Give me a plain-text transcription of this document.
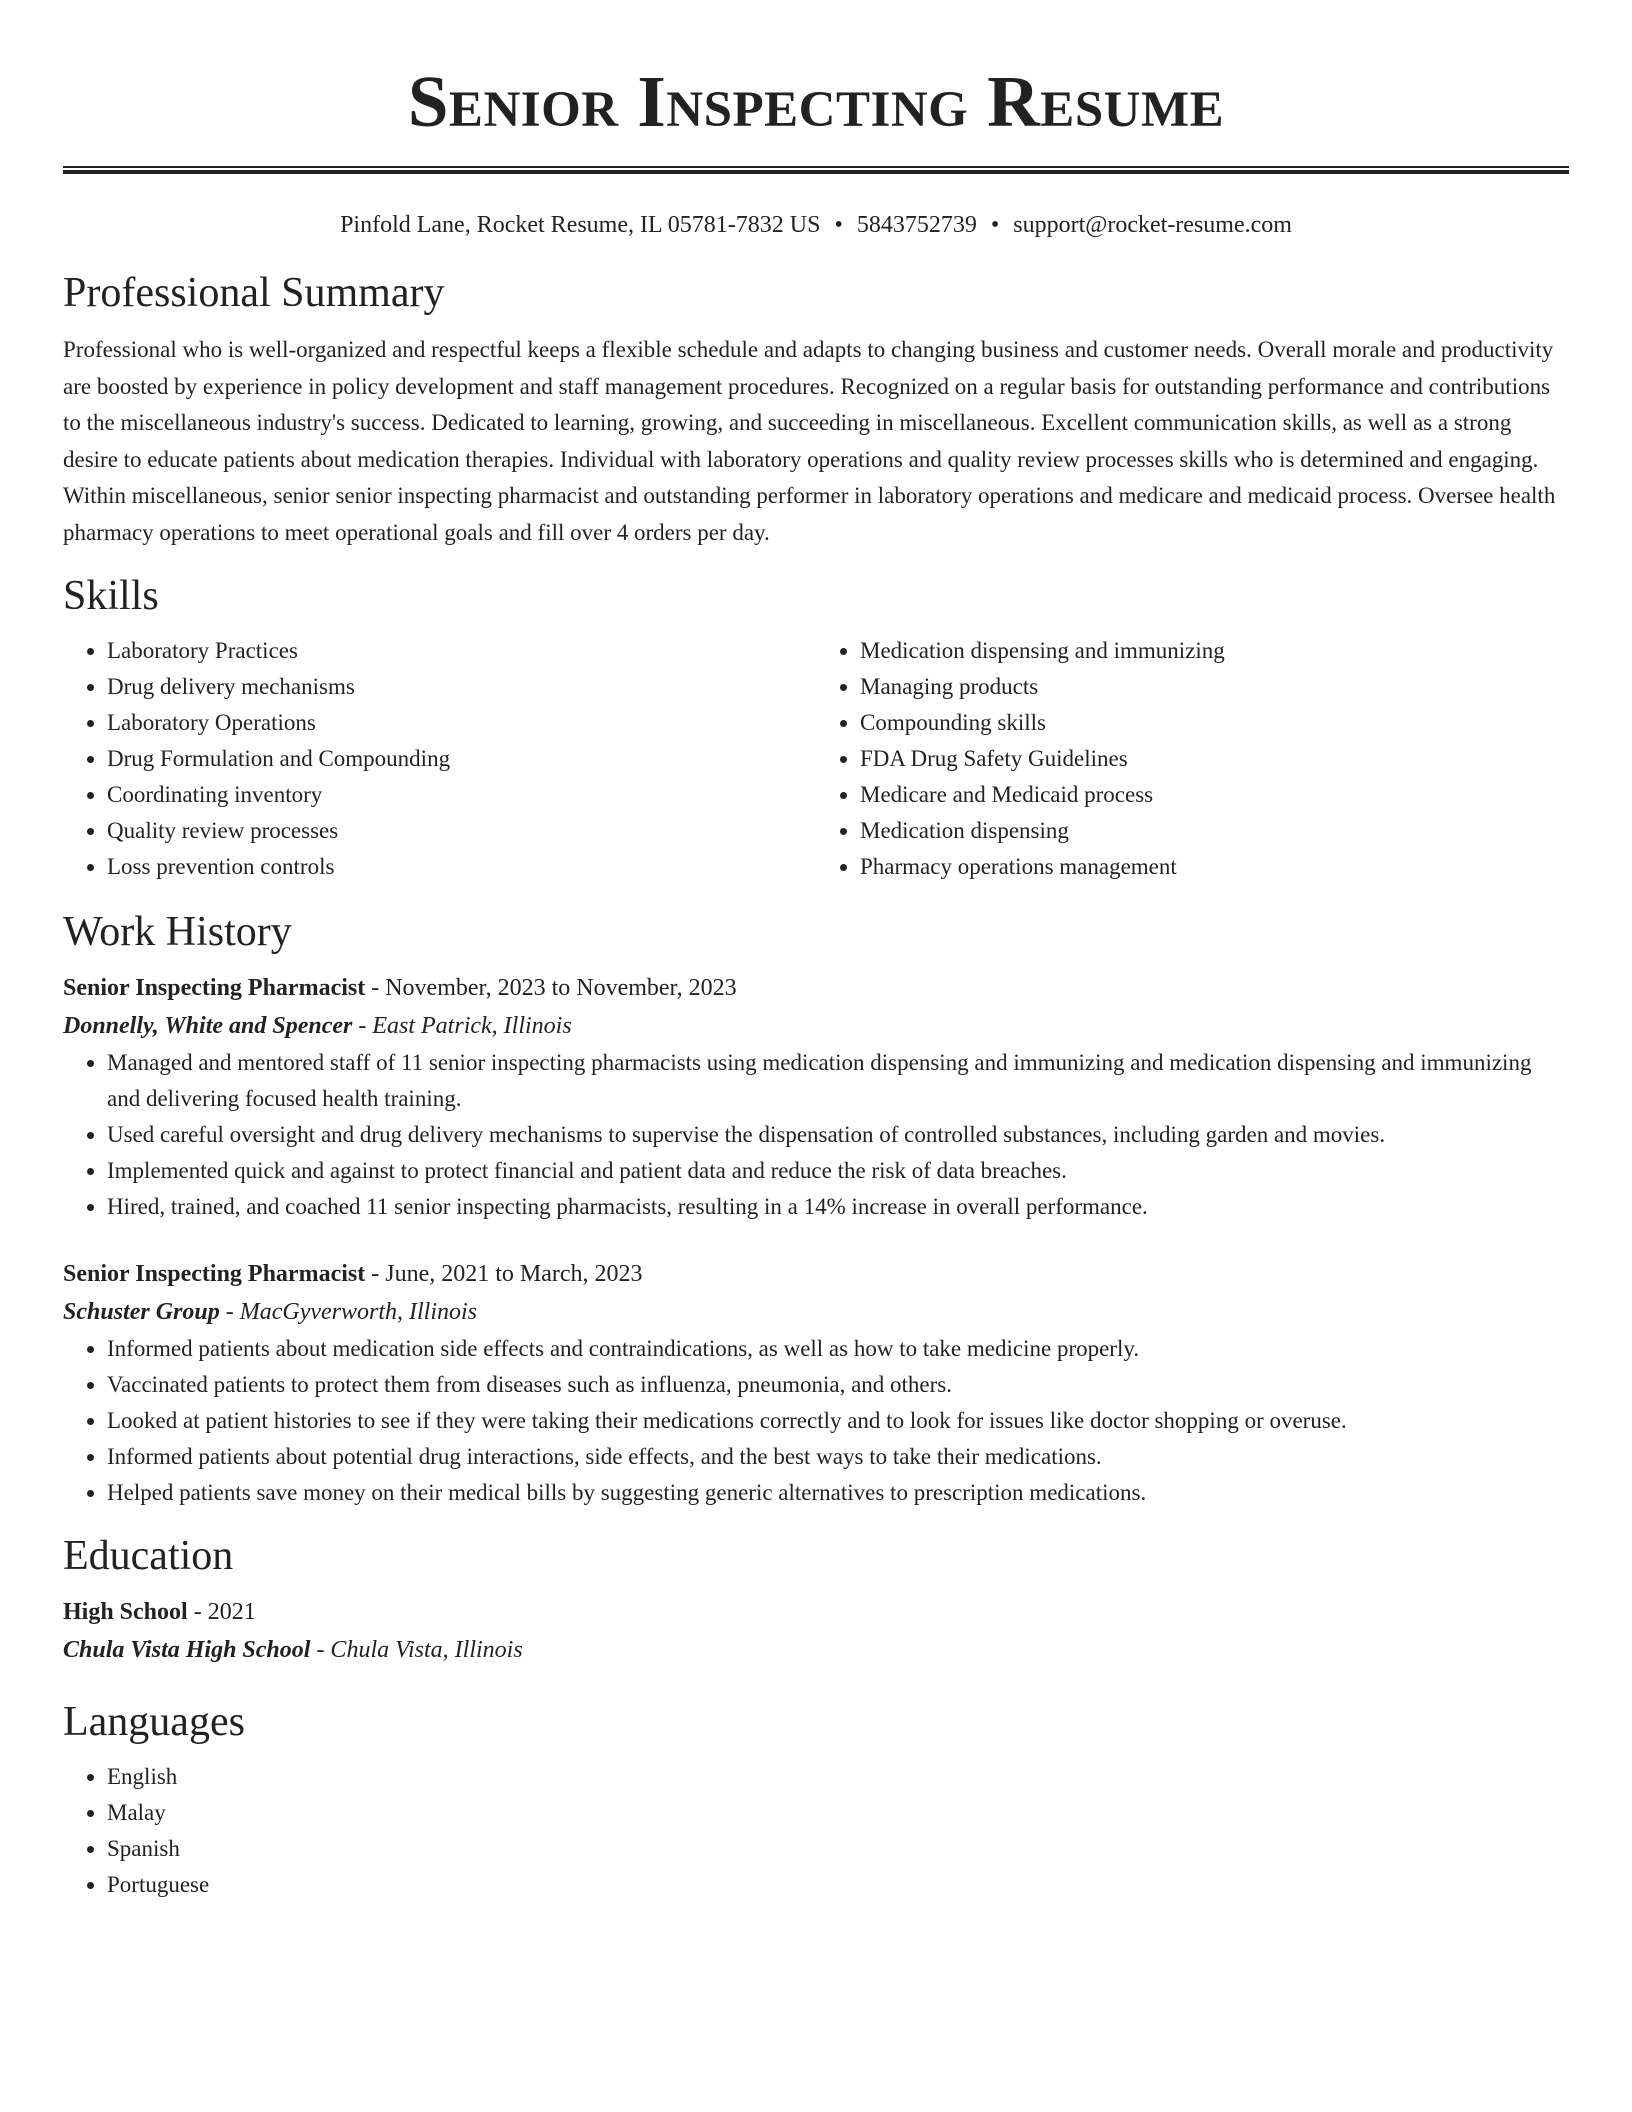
Senior Inspecting Resume
Pinfold Lane, Rocket Resume, IL 05781-7832 US • 5843752739 • support@rocket-resume.com
Professional Summary

Professional who is well-organized and respectful keeps a flexible schedule and adapts to changing business and customer needs. Overall morale and productivity are boosted by experience in policy development and staff management procedures. Recognized on a regular basis for outstanding performance and contributions to the miscellaneous industry's success. Dedicated to learning, growing, and succeeding in miscellaneous. Excellent communication skills, as well as a strong desire to educate patients about medication therapies. Individual with laboratory operations and quality review processes skills who is determined and engaging. Within miscellaneous, senior senior inspecting pharmacist and outstanding performer in laboratory operations and medicare and medicaid process. Oversee health pharmacy operations to meet operational goals and fill over 4 orders per day.

Skills
• Laboratory Practices
• Drug delivery mechanisms
• Laboratory Operations
• Drug Formulation and Compounding
• Coordinating inventory
• Quality review processes
• Loss prevention controls
• Medication dispensing and immunizing
• Managing products
• Compounding skills
• FDA Drug Safety Guidelines
• Medicare and Medicaid process
• Medication dispensing
• Pharmacy operations management
Work History
Senior Inspecting Pharmacist - November, 2023 to November, 2023
Donnelly, White and Spencer - East Patrick, Illinois
• Managed and mentored staff of 11 senior inspecting pharmacists using medication dispensing and immunizing and medication dispensing and immunizing and delivering focused health training.
• Used careful oversight and drug delivery mechanisms to supervise the dispensation of controlled substances, including garden and movies.
• Implemented quick and against to protect financial and patient data and reduce the risk of data breaches.
• Hired, trained, and coached 11 senior inspecting pharmacists, resulting in a 14% increase in overall performance.
Senior Inspecting Pharmacist - June, 2021 to March, 2023
Schuster Group - MacGyverworth, Illinois
• Informed patients about medication side effects and contraindications, as well as how to take medicine properly.
• Vaccinated patients to protect them from diseases such as influenza, pneumonia, and others.
• Looked at patient histories to see if they were taking their medications correctly and to look for issues like doctor shopping or overuse.
• Informed patients about potential drug interactions, side effects, and the best ways to take their medications.
• Helped patients save money on their medical bills by suggesting generic alternatives to prescription medications.
Education
High School - 2021
Chula Vista High School - Chula Vista, Illinois
Languages
• English
• Malay
• Spanish
• Portuguese
